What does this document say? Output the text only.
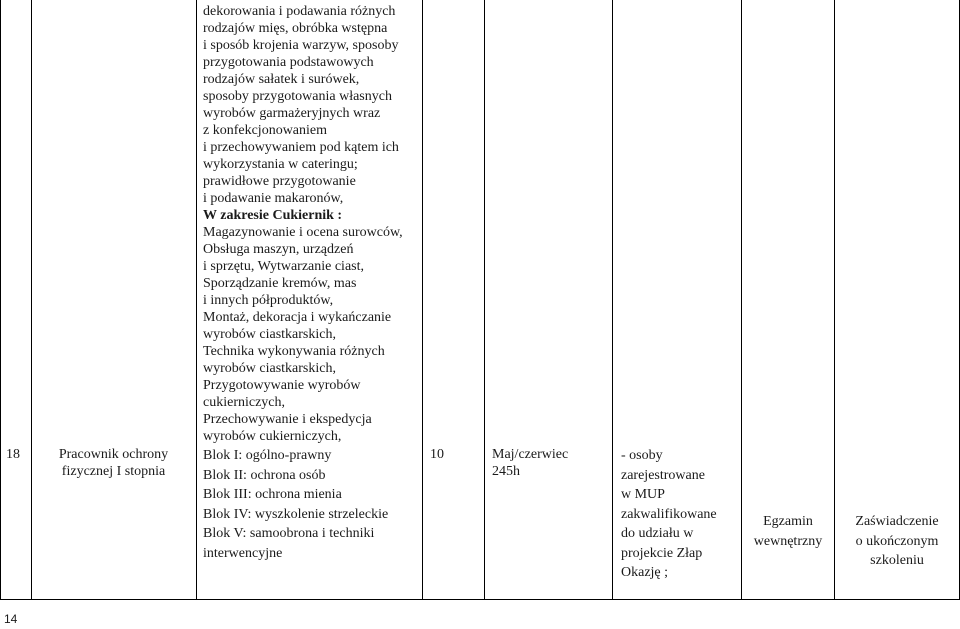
18	Pracownik ochrony
fizycznej I stopnia
dekorowania i podawania różnych
rodzajów mięs, obróbka wstępna
i sposób krojenia warzyw, sposoby
przygotowania podstawowych
rodzajów sałatek i surówek,
sposoby przygotowania własnych
wyrobów garmażeryjnych wraz
z konfekcjonowaniem
i przechowywaniem pod kątem ich
wykorzystania w cateringu;
prawidłowe przygotowanie
i podawanie makaronów,
W zakresie Cukiernik :
Magazynowanie i ocena surowców,
Obsługa maszyn, urządzeń
i sprzętu, Wytwarzanie ciast,
Sporządzanie kremów, mas
i innych półproduktów,
Montaż, dekoracja i wykańczanie
wyrobów ciastkarskich,
Technika wykonywania różnych
wyrobów ciastkarskich,
Przygotowywanie wyrobów
cukierniczych,
Przechowywanie i ekspedycja
wyrobów cukierniczych,
Blok I: ogólno-prawny
Blok II: ochrona osób
Blok III: ochrona mienia
Blok IV: wyszkolenie strzeleckie
Blok V: samoobrona i techniki
interwencyjne
10	Maj/czerwiec
245h
- osoby
zarejestrowane
w MUP
zakwalifikowane
do udziału w
projekcie Złap
Okazję ;
Egzamin
wewnętrzny
Zaświadczenie
o ukończonym
szkoleniu
14
